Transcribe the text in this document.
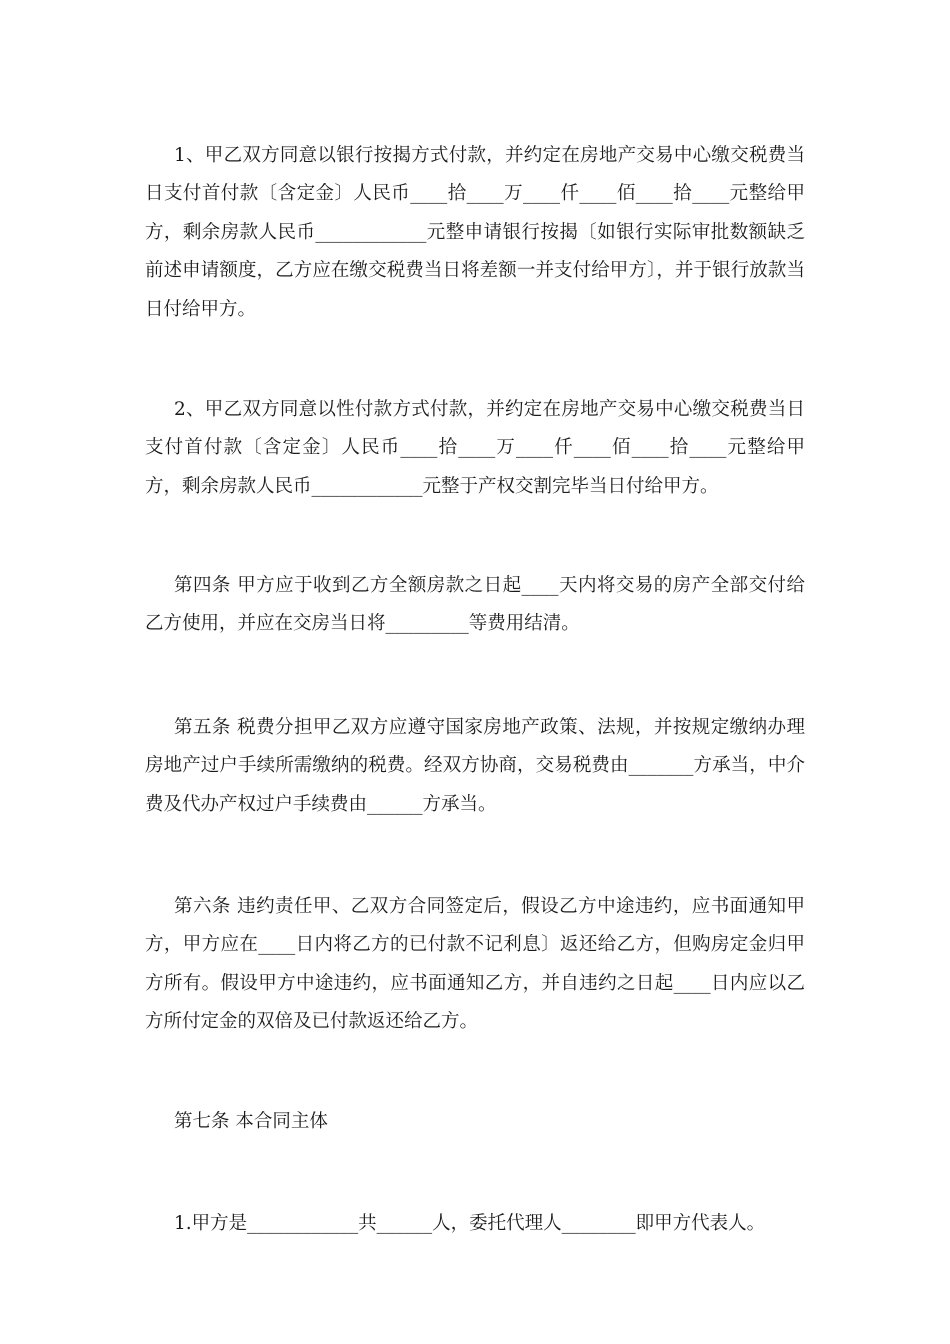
1、甲乙双方同意以银行按揭方式付款，并约定在房地产交易中心缴交税费当日支付首付款〔含定金〕人民币____拾____万____仟____佰____拾____元整给甲方，剩余房款人民币____________元整申请银行按揭〔如银行实际审批数额缺乏前述申请额度，乙方应在缴交税费当日将差额一并支付给甲方〕，并于银行放款当日付给甲方。

2、甲乙双方同意以性付款方式付款，并约定在房地产交易中心缴交税费当日支付首付款〔含定金〕人民币____拾____万____仟____佰____拾____元整给甲方，剩余房款人民币____________元整于产权交割完毕当日付给甲方。

第四条 甲方应于收到乙方全额房款之日起____天内将交易的房产全部交付给乙方使用，并应在交房当日将_________等费用结清。

第五条 税费分担甲乙双方应遵守国家房地产政策、法规，并按规定缴纳办理房地产过户手续所需缴纳的税费。经双方协商，交易税费由_______方承当，中介费及代办产权过户手续费由______方承当。

第六条 违约责任甲、乙双方合同签定后，假设乙方中途违约，应书面通知甲方，甲方应在____日内将乙方的已付款不记利息〕返还给乙方，但购房定金归甲方所有。假设甲方中途违约，应书面通知乙方，并自违约之日起____日内应以乙方所付定金的双倍及已付款返还给乙方。

第七条 本合同主体

1.甲方是____________共______人，委托代理人________即甲方代表人。
